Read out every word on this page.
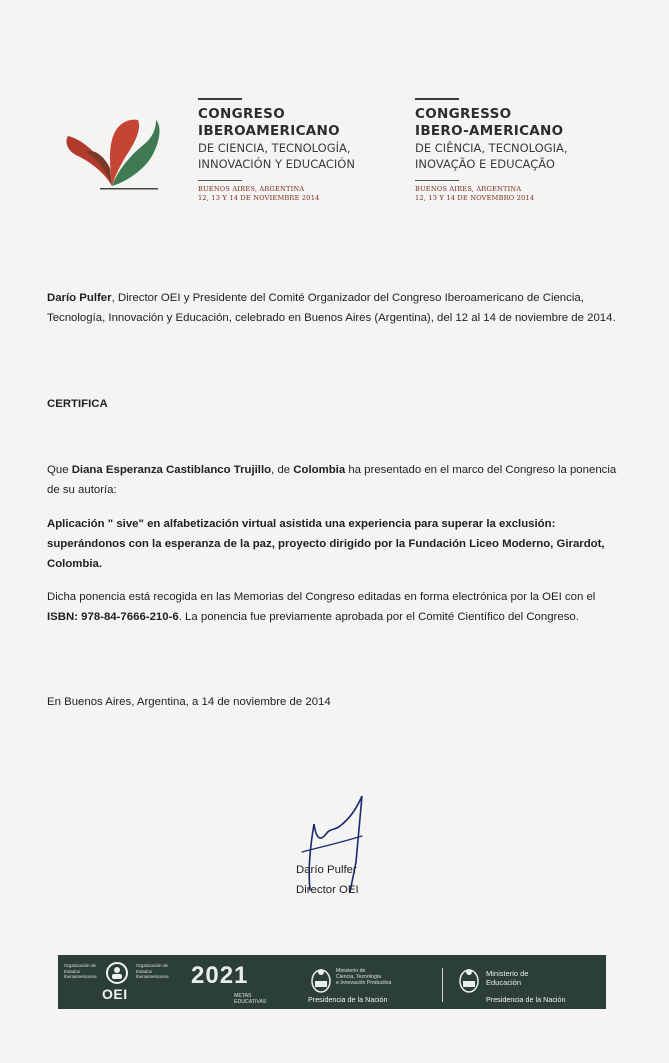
CONGRESO
IBEROAMERICANO
DE CIENCIA, TECNOLOGÍA,
INNOVACIÓN Y EDUCACIÓN
BUENOS AIRES, ARGENTINA
12, 13 Y 14 DE NOVIEMBRE 2014
CONGRESSO
IBERO-AMERICANO
DE CIÊNCIA, TECNOLOGIA,
INOVAÇÃO E EDUCAÇÃO
BUENOS AIRES, ARGENTINA
12, 13 Y 14 DE NOVEMBRO 2014
Darío Pulfer, Director OEI y Presidente del Comité Organizador del Congreso Iberoamericano de Ciencia, Tecnología, Innovación y Educación, celebrado en Buenos Aires (Argentina), del 12 al 14 de noviembre de 2014.
CERTIFICA
Que Diana Esperanza Castiblanco Trujillo, de Colombia ha presentado en el marco del Congreso la ponencia de su autoría:
Aplicación " sive" en alfabetización virtual asistida una experiencia para superar la exclusión: superándonos con la esperanza de la paz, proyecto dirigido por la Fundación Liceo Moderno, Girardot, Colombia.
Dicha ponencia está recogida en las Memorias del Congreso editadas en forma electrónica por la OEI con el ISBN: 978-84-7666-210-6. La ponencia fue previamente aprobada por el Comité Científico del Congreso.
En Buenos Aires, Argentina, a 14 de noviembre de 2014
Darío Pulfer
Director OEI
Organización de Estados Iberoamericanos
OEI
Organización de Estados Iberoamericanos 2021
METAS
EDUCATIVAS
Ministerio de
Ciencia, Tecnología
e Innovación Productiva
Presidencia de la Nación
Ministerio de
Educación
Presidencia de la Nación
